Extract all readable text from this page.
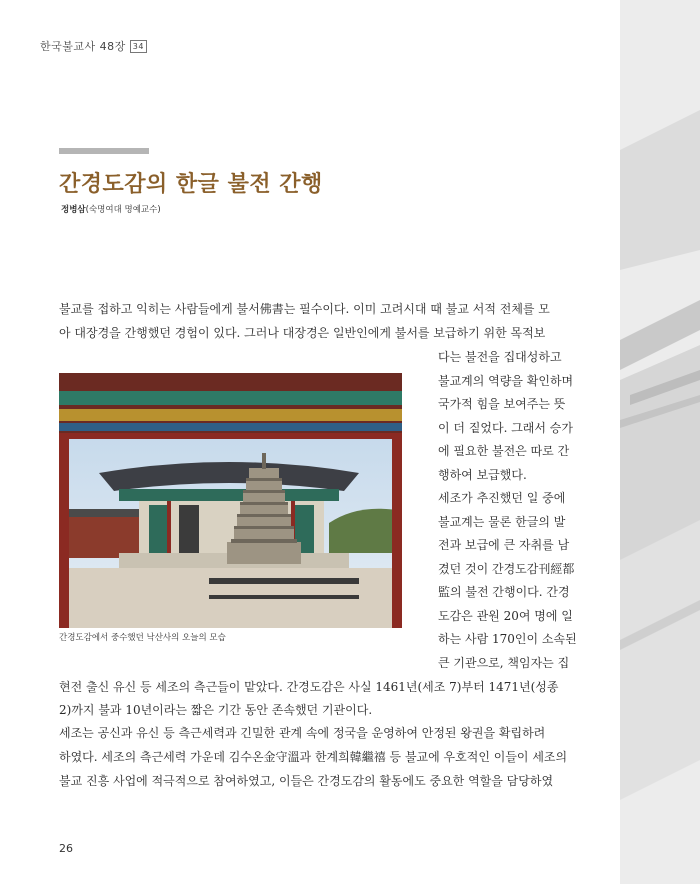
한국불교사 48장 34
간경도감의 한글 불전 간행
정병삼(숙명여대 명예교수)
불교를 접하고 익히는 사람들에게 불서佛書는 필수이다. 이미 고려시대 때 불교 서적 전체를 모
아 대장경을 간행했던 경험이 있다. 그러나 대장경은 일반인에게 불서를 보급하기 위한 목적보
다는 불전을 집대성하고
불교계의 역량을 확인하며
국가적 힘을 보여주는 뜻
이 더 짙었다. 그래서 승가
에 필요한 불전은 따로 간
행하여 보급했다.
세조가 추진했던 일 중에
불교계는 물론 한글의 발
전과 보급에 큰 자취를 남
겼던 것이 간경도감刊經都
監의 불전 간행이다. 간경
도감은 관원 20여 명에 일
하는 사람 170인이 소속된
큰 기관으로, 책임자는 집
간경도감에서 중수했던 낙산사의 오늘의 모습
현전 출신 유신 등 세조의 측근들이 맡았다. 간경도감은 사실 1461년(세조 7)부터 1471년(성종
2)까지 불과 10년이라는 짧은 기간 동안 존속했던 기관이다.
세조는 공신과 유신 등 측근세력과 긴밀한 관계 속에 정국을 운영하여 안정된 왕권을 확립하려
하였다. 세조의 측근세력 가운데 김수온金守溫과 한계희韓繼禧 등 불교에 우호적인 이들이 세조의
불교 진흥 사업에 적극적으로 참여하였고, 이들은 간경도감의 활동에도 중요한 역할을 담당하였
26
